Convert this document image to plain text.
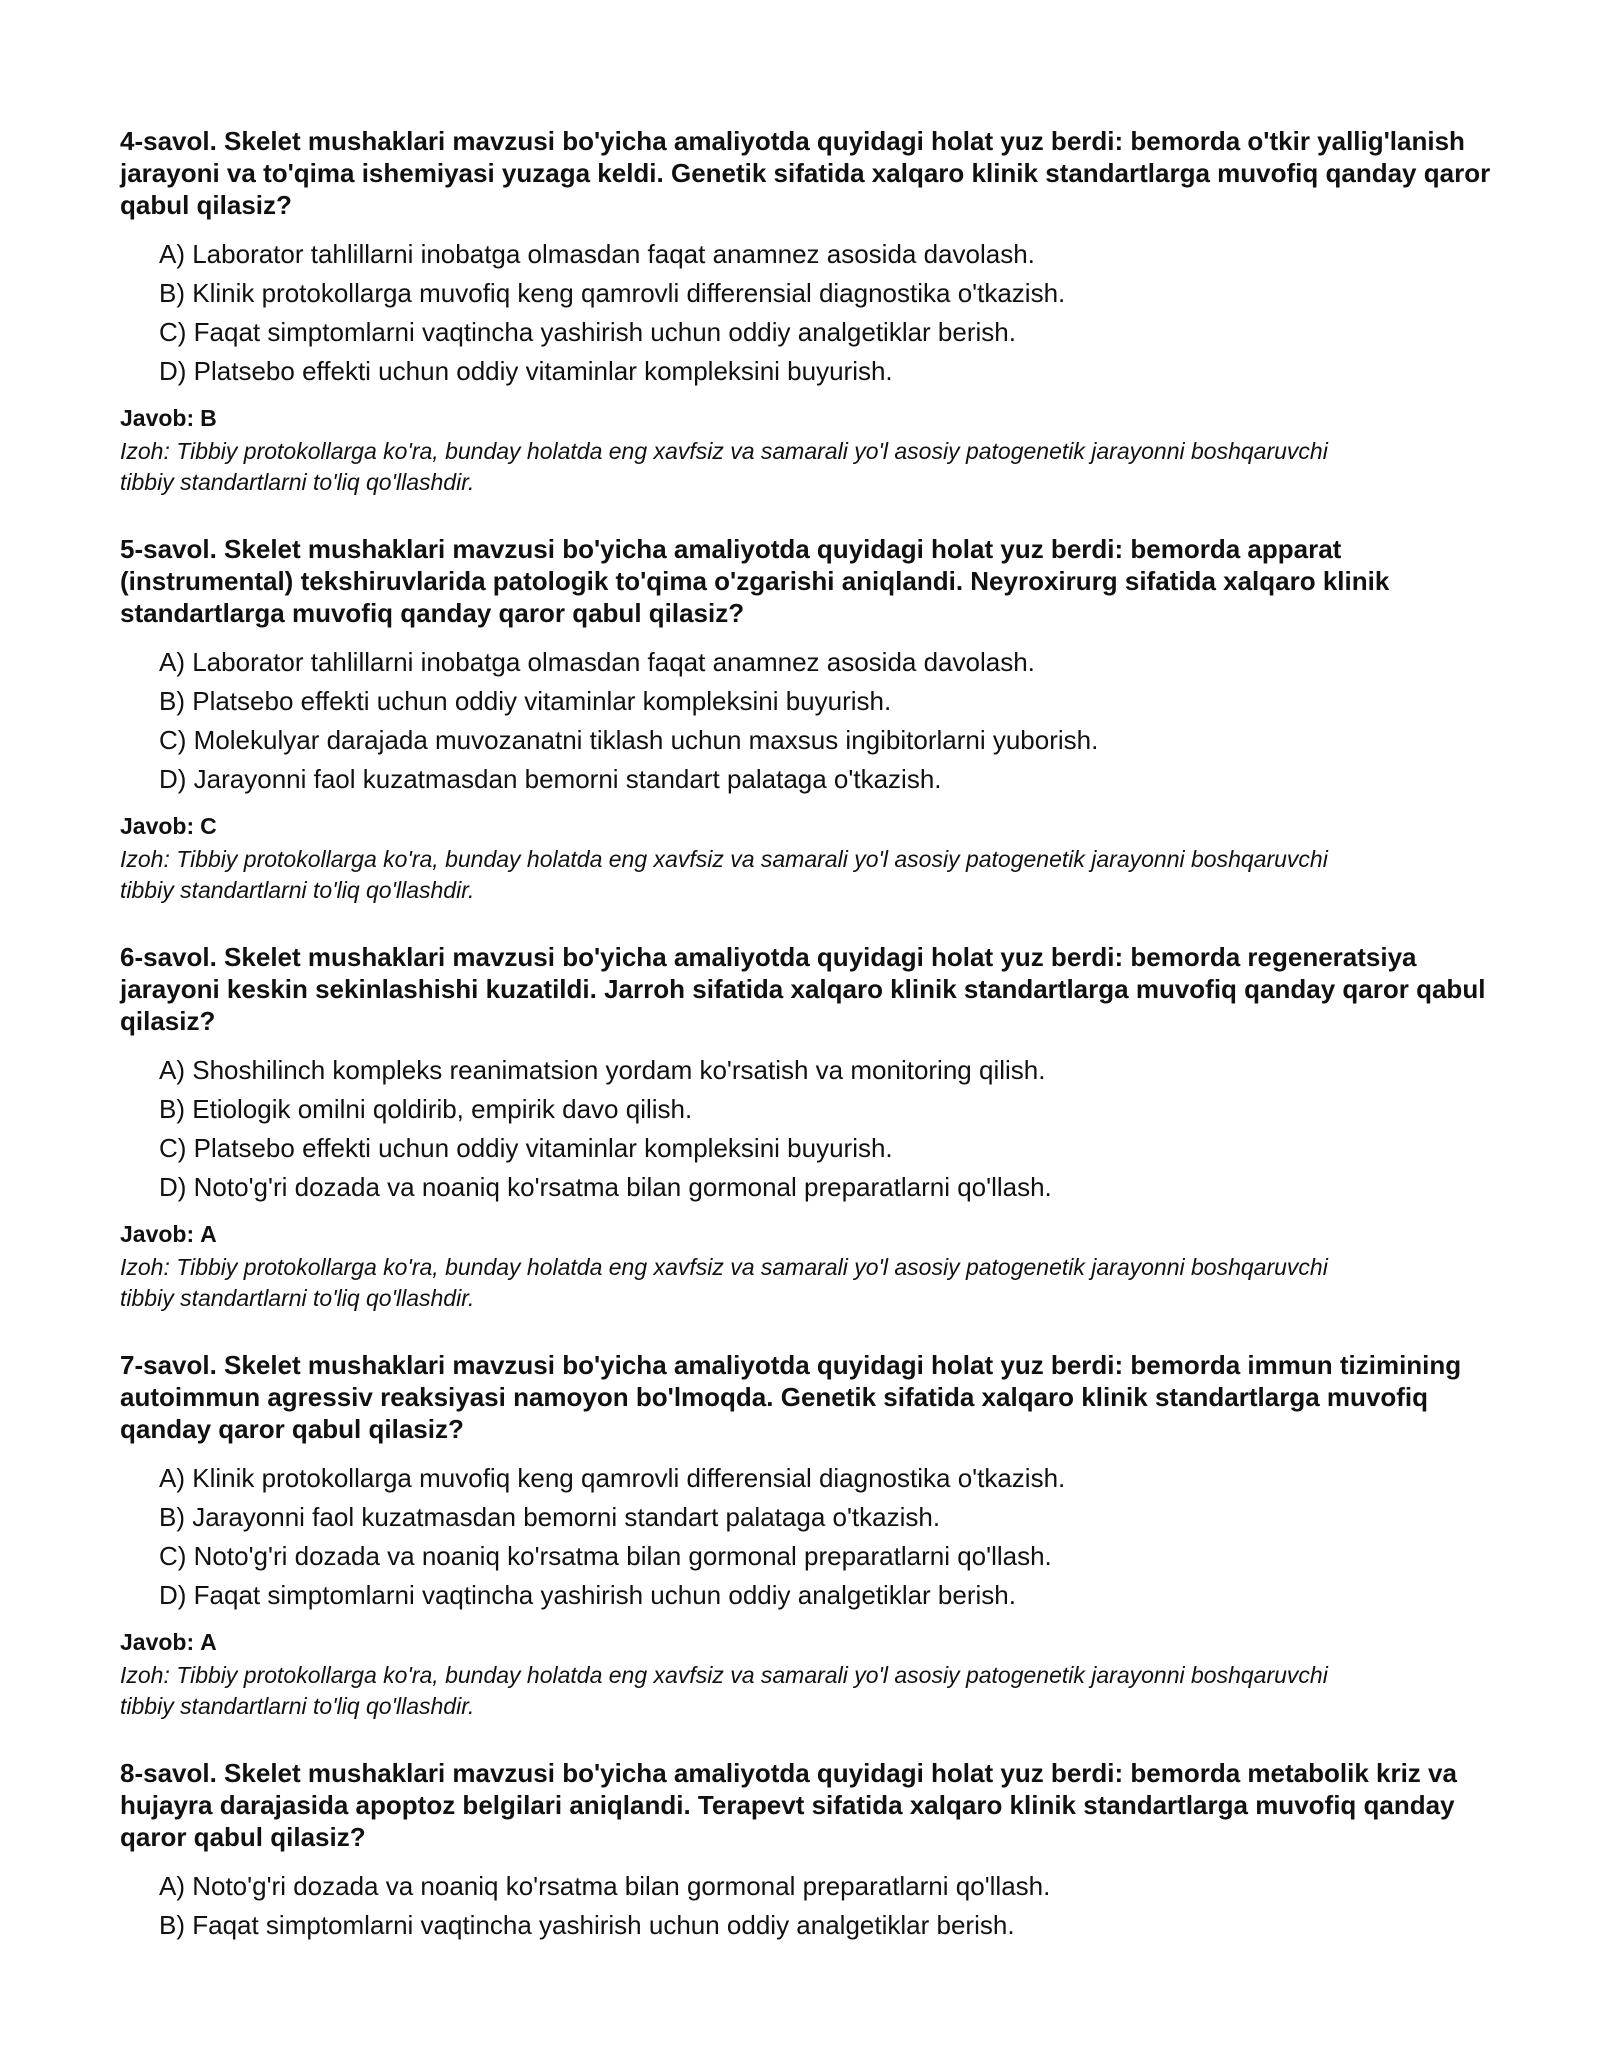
4-savol. Skelet mushaklari mavzusi bo'yicha amaliyotda quyidagi holat yuz berdi: bemorda o'tkir yallig'lanish jarayoni va to'qima ishemiyasi yuzaga keldi. Genetik sifatida xalqaro klinik standartlarga muvofiq qanday qaror qabul qilasiz?

A) Laborator tahlillarni inobatga olmasdan faqat anamnez asosida davolash.
B) Klinik protokollarga muvofiq keng qamrovli differensial diagnostika o'tkazish.
C) Faqat simptomlarni vaqtincha yashirish uchun oddiy analgetiklar berish.
D) Platsebo effekti uchun oddiy vitaminlar kompleksini buyurish.

Javob: B

Izoh: Tibbiy protokollarga ko'ra, bunday holatda eng xavfsiz va samarali yo'l asosiy patogenetik jarayonni boshqaruvchi tibbiy standartlarni to'liq qo'llashdir.

5-savol. Skelet mushaklari mavzusi bo'yicha amaliyotda quyidagi holat yuz berdi: bemorda apparat (instrumental) tekshiruvlarida patologik to'qima o'zgarishi aniqlandi. Neyroxirurg sifatida xalqaro klinik standartlarga muvofiq qanday qaror qabul qilasiz?

A) Laborator tahlillarni inobatga olmasdan faqat anamnez asosida davolash.
B) Platsebo effekti uchun oddiy vitaminlar kompleksini buyurish.
C) Molekulyar darajada muvozanatni tiklash uchun maxsus ingibitorlarni yuborish.
D) Jarayonni faol kuzatmasdan bemorni standart palataga o'tkazish.

Javob: C

Izoh: Tibbiy protokollarga ko'ra, bunday holatda eng xavfsiz va samarali yo'l asosiy patogenetik jarayonni boshqaruvchi tibbiy standartlarni to'liq qo'llashdir.

6-savol. Skelet mushaklari mavzusi bo'yicha amaliyotda quyidagi holat yuz berdi: bemorda regeneratsiya jarayoni keskin sekinlashishi kuzatildi. Jarroh sifatida xalqaro klinik standartlarga muvofiq qanday qaror qabul qilasiz?

A) Shoshilinch kompleks reanimatsion yordam ko'rsatish va monitoring qilish.
B) Etiologik omilni qoldirib, empirik davo qilish.
C) Platsebo effekti uchun oddiy vitaminlar kompleksini buyurish.
D) Noto'g'ri dozada va noaniq ko'rsatma bilan gormonal preparatlarni qo'llash.

Javob: A

Izoh: Tibbiy protokollarga ko'ra, bunday holatda eng xavfsiz va samarali yo'l asosiy patogenetik jarayonni boshqaruvchi tibbiy standartlarni to'liq qo'llashdir.

7-savol. Skelet mushaklari mavzusi bo'yicha amaliyotda quyidagi holat yuz berdi: bemorda immun tizimining autoimmun agressiv reaksiyasi namoyon bo'lmoqda. Genetik sifatida xalqaro klinik standartlarga muvofiq qanday qaror qabul qilasiz?

A) Klinik protokollarga muvofiq keng qamrovli differensial diagnostika o'tkazish.
B) Jarayonni faol kuzatmasdan bemorni standart palataga o'tkazish.
C) Noto'g'ri dozada va noaniq ko'rsatma bilan gormonal preparatlarni qo'llash.
D) Faqat simptomlarni vaqtincha yashirish uchun oddiy analgetiklar berish.

Javob: A

Izoh: Tibbiy protokollarga ko'ra, bunday holatda eng xavfsiz va samarali yo'l asosiy patogenetik jarayonni boshqaruvchi tibbiy standartlarni to'liq qo'llashdir.

8-savol. Skelet mushaklari mavzusi bo'yicha amaliyotda quyidagi holat yuz berdi: bemorda metabolik kriz va hujayra darajasida apoptoz belgilari aniqlandi. Terapevt sifatida xalqaro klinik standartlarga muvofiq qanday qaror qabul qilasiz?

A) Noto'g'ri dozada va noaniq ko'rsatma bilan gormonal preparatlarni qo'llash.
B) Faqat simptomlarni vaqtincha yashirish uchun oddiy analgetiklar berish.
